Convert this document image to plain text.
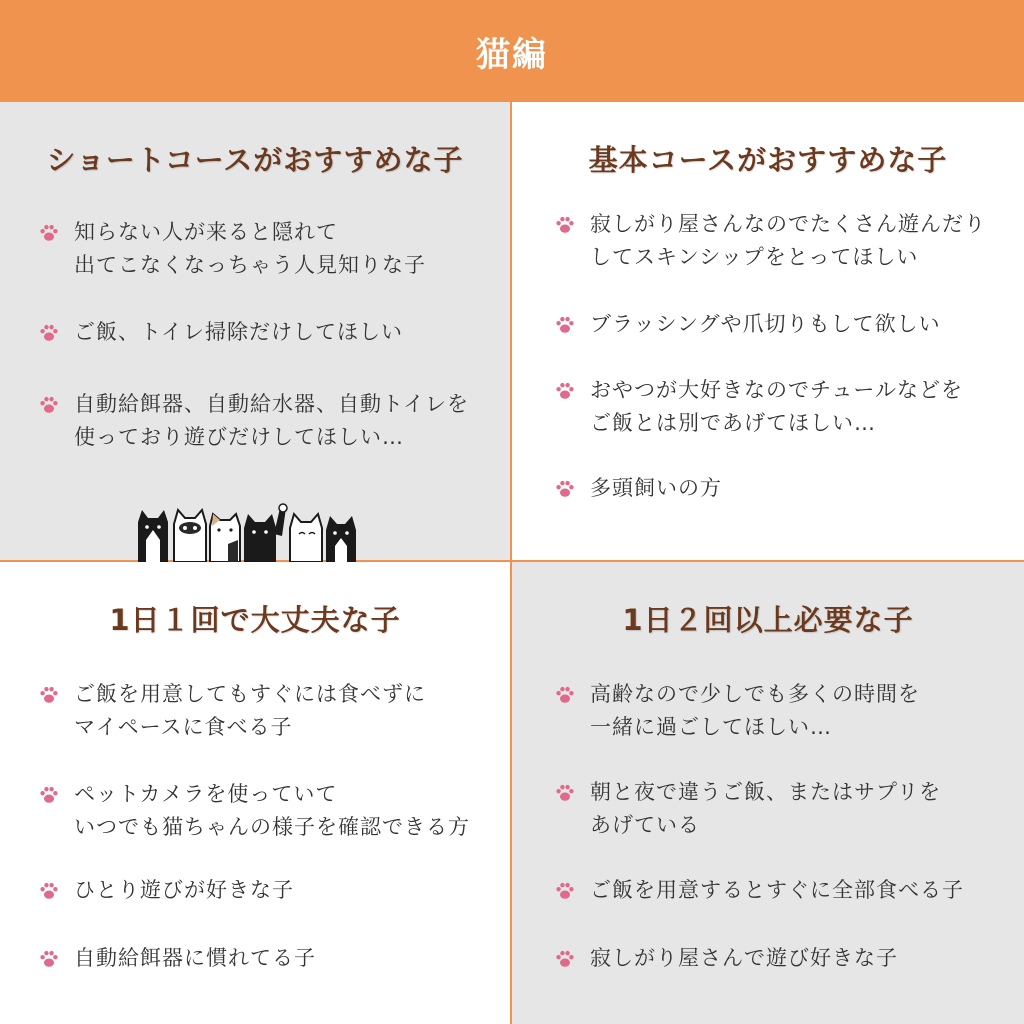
猫編
ショートコースがおすすめな子
知らない人が来ると隠れて
出てこなくなっちゃう人見知りな子
ご飯、トイレ掃除だけしてほしい
自動給餌器、自動給水器、自動トイレを
使っており遊びだけしてほしい…
基本コースがおすすめな子
寂しがり屋さんなのでたくさん遊んだり
してスキンシップをとってほしい
ブラッシングや爪切りもして欲しい
おやつが大好きなのでチュールなどを
ご飯とは別であげてほしい…
多頭飼いの方
1日１回で大丈夫な子
ご飯を用意してもすぐには食べずに
マイペースに食べる子
ペットカメラを使っていて
いつでも猫ちゃんの様子を確認できる方
ひとり遊びが好きな子
自動給餌器に慣れてる子
1日２回以上必要な子
高齢なので少しでも多くの時間を
一緒に過ごしてほしい…
朝と夜で違うご飯、またはサプリを
あげている
ご飯を用意するとすぐに全部食べる子
寂しがり屋さんで遊び好きな子
